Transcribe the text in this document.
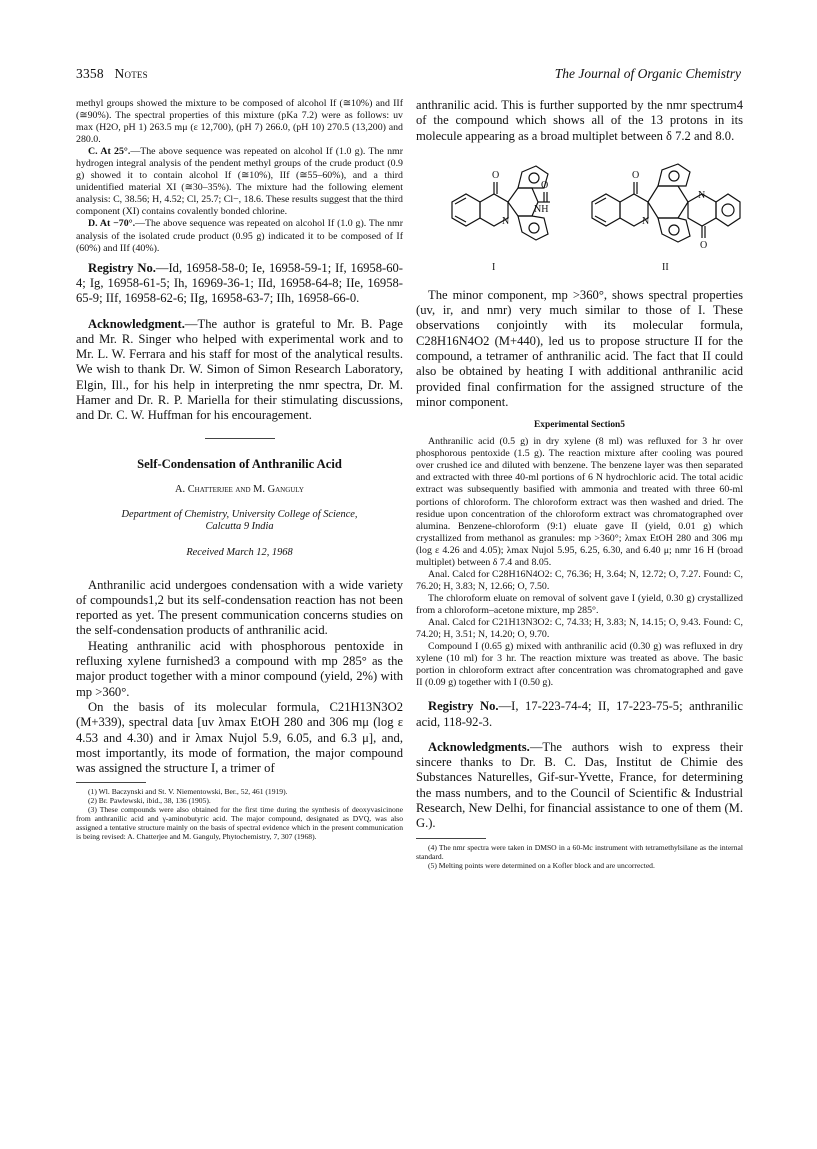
3358 Notes	The Journal of Organic Chemistry

methyl groups showed the mixture to be composed of alcohol If (≅10%) and IIf (≅90%). The spectral properties of this mixture (pKa 7.2) were as follows: uv max (H2O, pH 1) 263.5 mμ (ε 12,700), (pH 7) 266.0, (pH 10) 270.5 (13,200) and 280.0.

C. At 25°.—The above sequence was repeated on alcohol If (1.0 g). The nmr hydrogen integral analysis of the pendent methyl groups of the crude product (0.9 g) showed it to contain alcohol If (≅10%), IIf (≅55–60%), and a third unidentified material XI (≅30–35%). The mixture had the following element analysis: C, 38.56; H, 4.52; Cl, 25.7; Cl−, 18.6. These results suggest that the third component (XI) contains covalently bonded chlorine.

D. At −70°.—The above sequence was repeated on alcohol If (1.0 g). The nmr analysis of the isolated crude product (0.95 g) indicated it to be composed of If (60%) and IIf (40%).

Registry No.—Id, 16958-58-0; Ie, 16958-59-1; If, 16958-60-4; Ig, 16958-61-5; Ih, 16969-36-1; IId, 16958-64-8; IIe, 16958-65-9; IIf, 16958-62-6; IIg, 16958-63-7; IIh, 16958-66-0.

Acknowledgment.—The author is grateful to Mr. B. Page and Mr. R. Singer who helped with experimental work and to Mr. L. W. Ferrara and his staff for most of the analytical results. We wish to thank Dr. W. Simon of Simon Research Laboratory, Elgin, Ill., for his help in interpreting the nmr spectra, Dr. M. Hamer and Dr. R. P. Mariella for their stimulating discussions, and Dr. C. W. Huffman for his encouragement.

Self-Condensation of Anthranilic Acid

A. Chatterjee and M. Ganguly

Department of Chemistry, University College of Science,
Calcutta 9 India

Received March 12, 1968

Anthranilic acid undergoes condensation with a wide variety of compounds1,2 but its self-condensation reaction has not been reported as yet. The present communication concerns studies on the self-condensation products of anthranilic acid.

Heating anthranilic acid with phosphorous pentoxide in refluxing xylene furnished3 a compound with mp 285° as the major product together with a minor compound (yield, 2%) with mp >360°.

On the basis of its molecular formula, C21H13N3O2 (M+339), spectral data [uv λmax EtOH 280 and 306 mμ (log ε 4.53 and 4.30) and ir λmax Nujol 5.9, 6.05, and 6.3 μ], and, most importantly, its mode of formation, the major compound was assigned the structure I, a trimer of

(1) Wl. Baczynski and St. V. Niementowski, Ber., 52, 461 (1919).

(2) Br. Pawlewski, ibid., 38, 136 (1905).

(3) These compounds were also obtained for the first time during the synthesis of deoxyvasicinone from anthranilic acid and γ-aminobutyric acid. The major compound, designated as DVQ, was also assigned a tentative structure mainly on the basis of spectral evidence which in the present communication is being revised: A. Chatterjee and M. Ganguly, Phytochemistry, 7, 307 (1968).

anthranilic acid. This is further supported by the nmr spectrum4 of the compound which shows all of the 13 protons in its molecule appearing as a broad multiplet between δ 7.2 and 8.0.

O
O
N
NH
O
N
N
O
I	II

The minor component, mp >360°, shows spectral properties (uv, ir, and nmr) very much similar to those of I. These observations conjointly with its molecular formula, C28H16N4O2 (M+440), led us to propose structure II for the compound, a tetramer of anthranilic acid. The fact that II could also be obtained by heating I with additional anthranilic acid provided final confirmation for the assigned structure of the minor component.

Experimental Section5

Anthranilic acid (0.5 g) in dry xylene (8 ml) was refluxed for 3 hr over phosphorous pentoxide (1.5 g). The reaction mixture after cooling was poured over crushed ice and diluted with benzene. The benzene layer was then separated and extracted with three 40-ml portions of 6 N hydrochloric acid. The total acidic extract was subsequently basified with ammonia and treated with three 60-ml portions of chloroform. The chloroform extract was then washed and dried. The residue upon concentration of the chloroform extract was chromatographed over alumina. Benzene-chloroform (9:1) eluate gave II (yield, 0.01 g) which crystallized from methanol as granules: mp >360°; λmax EtOH 280 and 306 mμ (log ε 4.26 and 4.05); λmax Nujol 5.95, 6.25, 6.30, and 6.40 μ; nmr 16 H (broad multiplet) between δ 7.4 and 8.05.

Anal. Calcd for C28H16N4O2: C, 76.36; H, 3.64; N, 12.72; O, 7.27. Found: C, 76.20; H, 3.83; N, 12.66; O, 7.50.

The chloroform eluate on removal of solvent gave I (yield, 0.30 g) crystallized from a chloroform–acetone mixture, mp 285°.

Anal. Calcd for C21H13N3O2: C, 74.33; H, 3.83; N, 14.15; O, 9.43. Found: C, 74.20; H, 3.51; N, 14.20; O, 9.70.

Compound I (0.65 g) mixed with anthranilic acid (0.30 g) was refluxed in dry xylene (10 ml) for 3 hr. The reaction mixture was treated as above. The basic portion in chloroform extract after concentration was chromatographed and gave II (0.09 g) together with I (0.50 g).

Registry No.—I, 17-223-74-4; II, 17-223-75-5; anthranilic acid, 118-92-3.

Acknowledgments.—The authors wish to express their sincere thanks to Dr. B. C. Das, Institut de Chimie des Substances Naturelles, Gif-sur-Yvette, France, for determining the mass numbers, and to the Council of Scientific & Industrial Research, New Delhi, for financial assistance to one of them (M. G.).

(4) The nmr spectra were taken in DMSO in a 60-Mc instrument with tetramethylsilane as the internal standard.

(5) Melting points were determined on a Kofler block and are uncorrected.
